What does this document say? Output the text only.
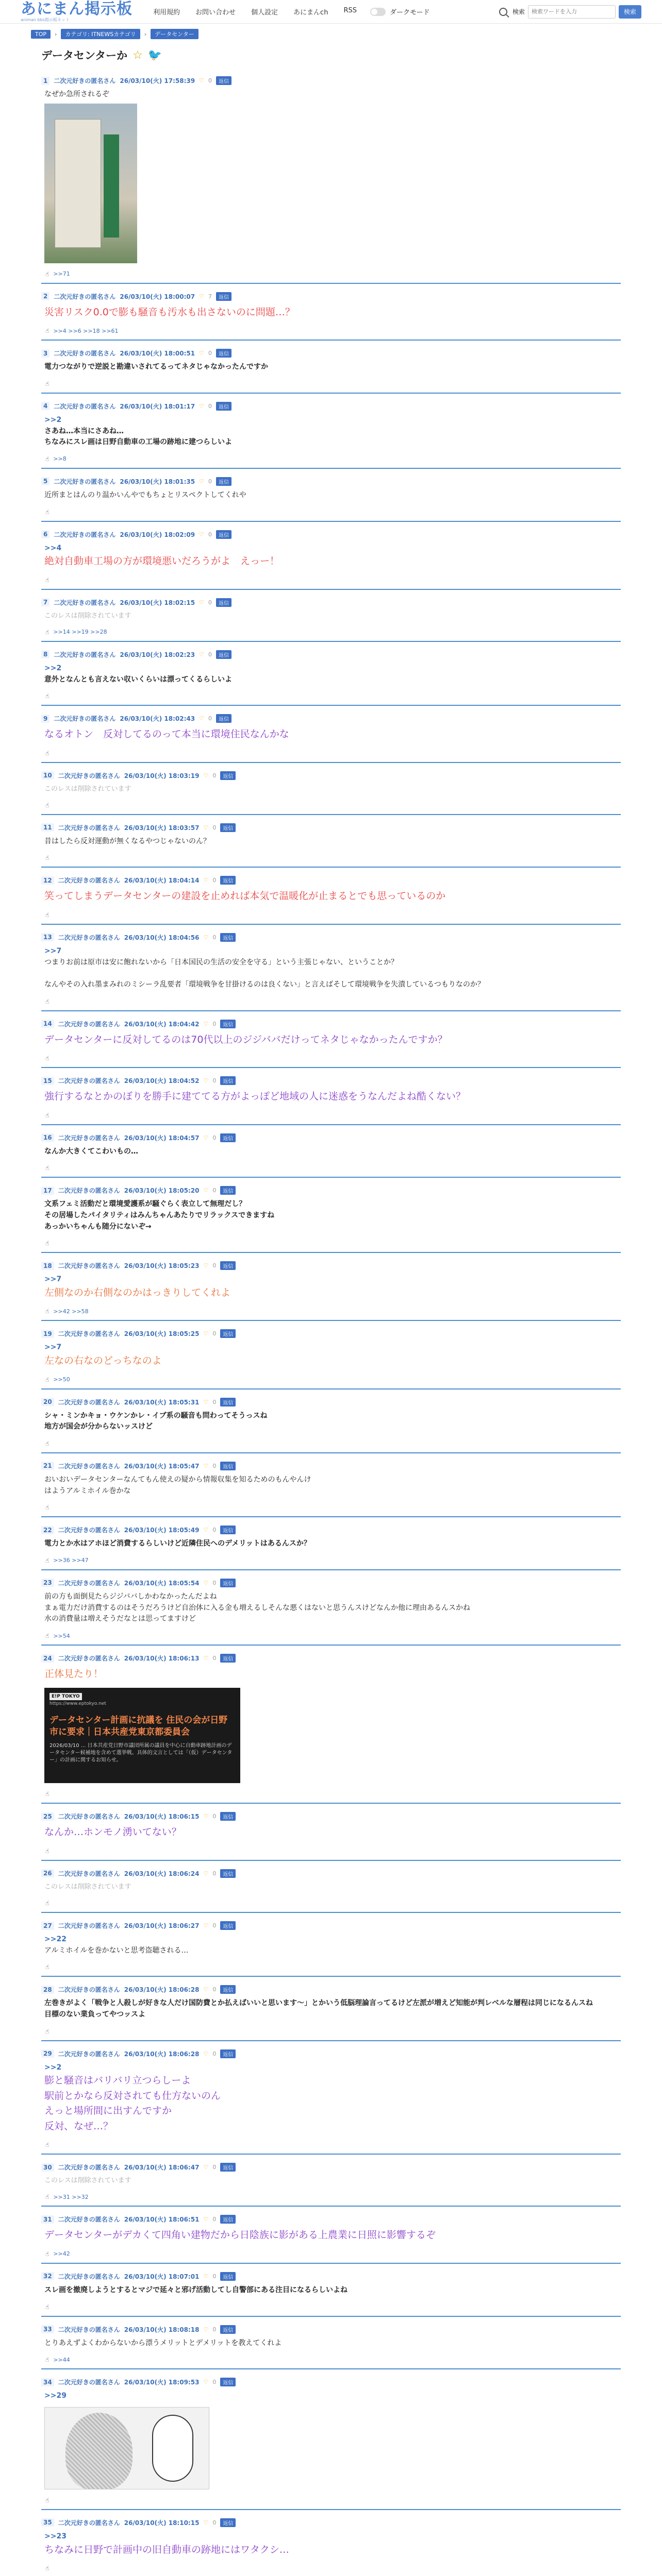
あにまん掲示板
animan bbs掲示板ネット
利用規約 お問い合わせ 個人設定 あにまんch RSS	ダークモード	検索
検索ワードを入力	検索
TOP	›	カテゴリ: ITNEWSカテゴリ	›	データセンター
データセンターか ☆ 🐦
1	二次元好きの匿名さん 26/03/10(火) 17:58:39 ♡ 0	返信
なぜか急所されるぞ
☝ >>71
2	二次元好きの匿名さん 26/03/10(火) 18:00:07 ♡ 7	返信
災害リスク0.0で膨も騒音も汚水も出さないのに問題…？
☝ >>4 >>6 >>18 >>61
3	二次元好きの匿名さん 26/03/10(火) 18:00:51 ♡ 0	返信
電力つながりで逆説と勘違いされてるってネタじゃなかったんですか
☝
4	二次元好きの匿名さん 26/03/10(火) 18:01:17 ♡ 0	返信
>>2
さあね…本当にさあね…
ちなみにスレ画は日野自動車の工場の跡地に建つらしいよ
☝ >>8
5	二次元好きの匿名さん 26/03/10(火) 18:01:35 ♡ 0	返信
近所まとはんのり温かいんやでもちょとリスペクトしてくれや
☝
6	二次元好きの匿名さん 26/03/10(火) 18:02:09 ♡ 0	返信
>>4
絶対自動車工場の方が環境悪いだろうがよ　えっー！
☝
7	二次元好きの匿名さん 26/03/10(火) 18:02:15 ♡ 0	返信
このレスは削除されています
☝ >>14 >>19 >>28
8	二次元好きの匿名さん 26/03/10(火) 18:02:23 ♡ 0	返信
>>2
意外となんとも言えない収いくらいは漂ってくるらしいよ
☝
9	二次元好きの匿名さん 26/03/10(火) 18:02:43 ♡ 0	返信
なるオトン　反対してるのって本当に環境住民なんかな
☝
10	二次元好きの匿名さん 26/03/10(火) 18:03:19 ♡ 0	返信
このレスは削除されています
☝
11	二次元好きの匿名さん 26/03/10(火) 18:03:57 ♡ 0	返信
昔はしたら反対運動が無くなるやつじゃないのん？
☝
12	二次元好きの匿名さん 26/03/10(火) 18:04:14 ♡ 0	返信
笑ってしまうデータセンターの建設を止めれば本気で温暖化が止まるとでも思っているのか
☝
13	二次元好きの匿名さん 26/03/10(火) 18:04:56 ♡ 0	返信
>>7
つまりお前は原市は安に飽れないから「日本国民の生活の安全を守る」という主張じゃない、ということか？

なんやその入れ墨まみれのミシーラ乱要者「環境戦争を甘掛けるのは良くない」と言えばそして環境戦争を失潰しているつもりなのか？
☝
14	二次元好きの匿名さん 26/03/10(火) 18:04:42 ♡ 0	返信
データセンターに反対してるのは70代以上のジジババだけってネタじゃなかったんですか？
☝
15	二次元好きの匿名さん 26/03/10(火) 18:04:52 ♡ 0	返信
強行するなとかのぼりを勝手に建ててる方がよっぽど地域の人に迷惑をうなんだよね酷くない？
☝
16	二次元好きの匿名さん 26/03/10(火) 18:04:57 ♡ 0	返信
なんか大きくてこわいもの…
☝
17	二次元好きの匿名さん 26/03/10(火) 18:05:20 ♡ 0	返信
文系フェミ活動だと環境愛護系が騒ぐらく表立して無理だし？
その居場したパイタリティはみんちゃんあたりでリラックスできますね
あっかいちゃんも随分にないぞ→
☝
18	二次元好きの匿名さん 26/03/10(火) 18:05:23 ♡ 0	返信
>>7
左側なのか右側なのかはっきりしてくれよ
☝ >>42 >>58
19	二次元好きの匿名さん 26/03/10(火) 18:05:25 ♡ 0	返信
>>7
左なの右なのどっちなのよ
☝ >>50
20	二次元好きの匿名さん 26/03/10(火) 18:05:31 ♡ 0	返信
シャ・ミンかキョ・ウケンかレ・イブ系の騒音も問わってそうっスね
地方が国会が分からないッスけど
☝
21	二次元好きの匿名さん 26/03/10(火) 18:05:47 ♡ 0	返信
おいおいデータセンターなんてもん使えの疑から情報収集を知るためのもんやんけ
はようアルミホイル巻かな
☝
22	二次元好きの匿名さん 26/03/10(火) 18:05:49 ♡ 0	返信
電力とか水はアホほど消費するらしいけど近隣住民へのデメリットはあるんスか？
☝ >>36 >>47
23	二次元好きの匿名さん 26/03/10(火) 18:05:54 ♡ 0	返信
前の方も面倒見たらジジババしかわなかったんだよね
まぁ電力だけ消費するのはそうだろうけど自治体に入る金も増えるしそんな悪くはないと思うんスけどなんか他に理由あるんスかね
水の消費量は増えそうだなとは思ってますけど
☝ >>54
24	二次元好きの匿名さん 26/03/10(火) 18:06:13 ♡ 0	返信
正体見たり！
E!P TOKYO
https://www.eptokyo.net
データセンター計画に抗議を 住民の会が日野市に要求｜日本共産党東京都委員会
2026/03/10 ... 日本共産党日野市議団所属の議員を中心に自動車跡地計画のデータセンター候補地を含めて選挙戦。具体的文言としては「（仮）データセンター」の計画に関するお知らせ。
☝
25	二次元好きの匿名さん 26/03/10(火) 18:06:15 ♡ 0	返信
なんか…ホンモノ湧いてない？
☝
26	二次元好きの匿名さん 26/03/10(火) 18:06:24 ♡ 0	返信
このレスは削除されています
☝
27	二次元好きの匿名さん 26/03/10(火) 18:06:27 ♡ 0	返信
>>22
アルミホイルを巻かないと思考盗聴される…
☝
28	二次元好きの匿名さん 26/03/10(火) 18:06:28 ♡ 0	返信
左巻きがよく「戦争と人殺しが好きな人だけ国防費とか払えばいいと思います〜」とかいう低脳理論言ってるけど左派が増えど知能が判レベルな層程は同じになるんスね
目標のない業負ってやつッスよ
☝
29	二次元好きの匿名さん 26/03/10(火) 18:06:28 ♡ 0	返信
>>2
膨と騒音はバリバリ立つらしーよ
駅前とかなら反対されても仕方ないのん
えっと場所間に出すんですか
反対、なぜ…？
☝
30	二次元好きの匿名さん 26/03/10(火) 18:06:47 ♡ 0	返信
このレスは削除されています
☝ >>31 >>32
31	二次元好きの匿名さん 26/03/10(火) 18:06:51 ♡ 0	返信
データセンターがデカくて四角い建物だから日陰族に影がある上農業に日照に影響するぞ
☝ >>42
32	二次元好きの匿名さん 26/03/10(火) 18:07:01 ♡ 0	返信
スレ画を撤廃しようとするとマジで延々と邪げ活動してし自警部にある注目になるらしいよね
☝
33	二次元好きの匿名さん 26/03/10(火) 18:08:18 ♡ 0	返信
とりあえずよくわからないから漂うメリットとデメリットを教えてくれよ
☝ >>44
34	二次元好きの匿名さん 26/03/10(火) 18:09:53 ♡ 0	返信
>>29
☝
35	二次元好きの匿名さん 26/03/10(火) 18:10:15 ♡ 0	返信
>>23
ちなみに日野で計画中の旧自動車の跡地にはワタクシ…
☝
